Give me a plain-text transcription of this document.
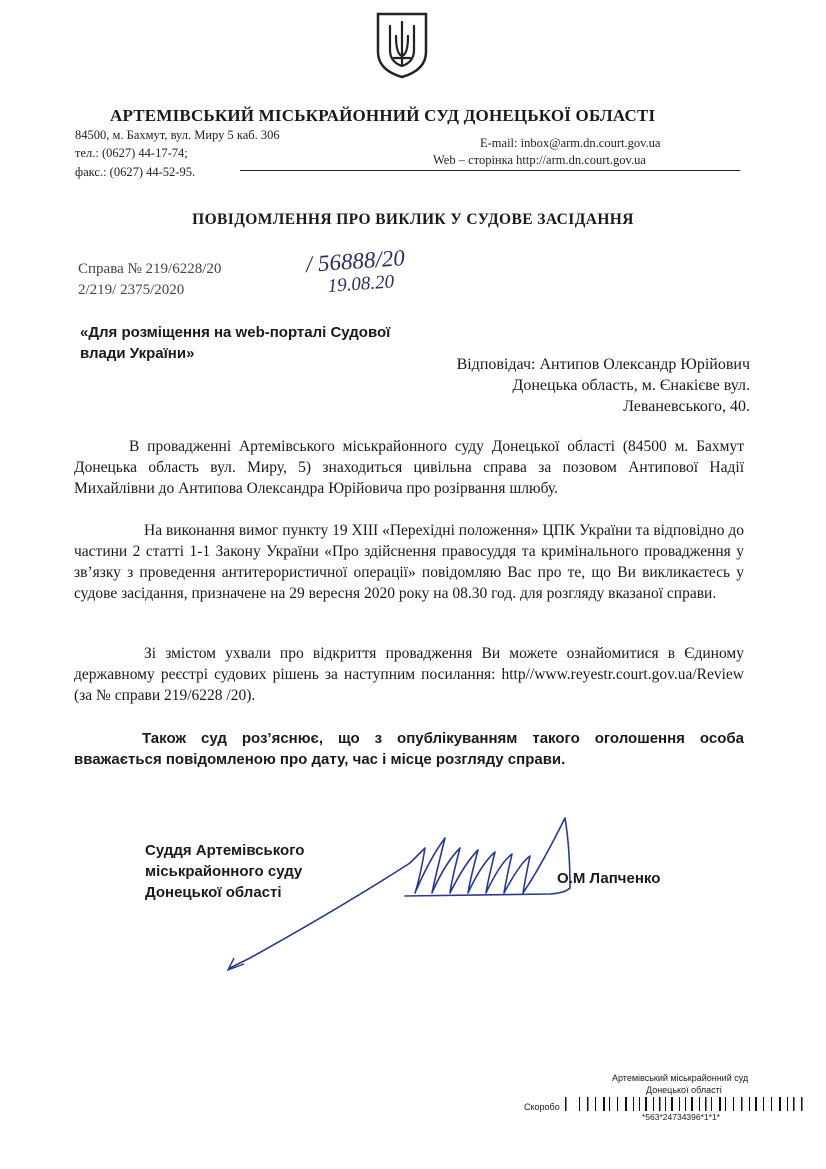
АРТЕМІВСЬКИЙ МІСЬКРАЙОННИЙ СУД ДОНЕЦЬКОЇ ОБЛАСТІ
84500, м. Бахмут, вул. Миру 5 каб. 306
тел.: (0627) 44-17-74;
факс.: (0627) 44-52-95.
E-mail: inbox@arm.dn.court.gov.ua
Web – сторінка http://arm.dn.court.gov.ua
ПОВІДОМЛЕННЯ ПРО ВИКЛИК У СУДОВЕ ЗАСІДАННЯ
Справа № 219/6228/20
2/219/ 2375/2020
/ 56888/20
19.08.20
«Для розміщення на web-порталі Судової влади України»
Відповідач: Антипов Олександр Юрійович
Донецька область, м. Єнакієве вул.
Леваневського, 40.
В провадженні Артемівського міськрайонного суду Донецької області (84500 м. Бахмут Донецька область вул. Миру, 5) знаходиться цивільна справа за позовом Антипової Надії Михайлівни до Антипова Олександра Юрійовича про розірвання шлюбу.
На виконання вимог пункту 19 XIII «Перехідні положення» ЦПК України та відповідно до частини 2 статті 1-1 Закону України «Про здійснення правосуддя та кримінального провадження у зв’язку з проведення антитерористичної операції» повідомляю Вас про те, що Ви викликаєтесь у судове засідання, призначене на 29 вересня 2020 року на 08.30 год. для розгляду вказаної справи.
Зі змістом ухвали про відкриття провадження Ви можете ознайомитися в Єдиному державному реєстрі судових рішень за наступним посилання: http//www.reyestr.court.gov.ua/Review (за № справи 219/6228 /20).
Також суд роз’яснює, що з опублікуванням такого оголошення особа вважається повідомленою про дату, час і місце розгляду справи.
Суддя Артемівського міськрайонного суду Донецької області
О.М Лапченко
Артемівський міськрайонний суд
Донецької області
Скоробо
*563*24734396*1*1*
